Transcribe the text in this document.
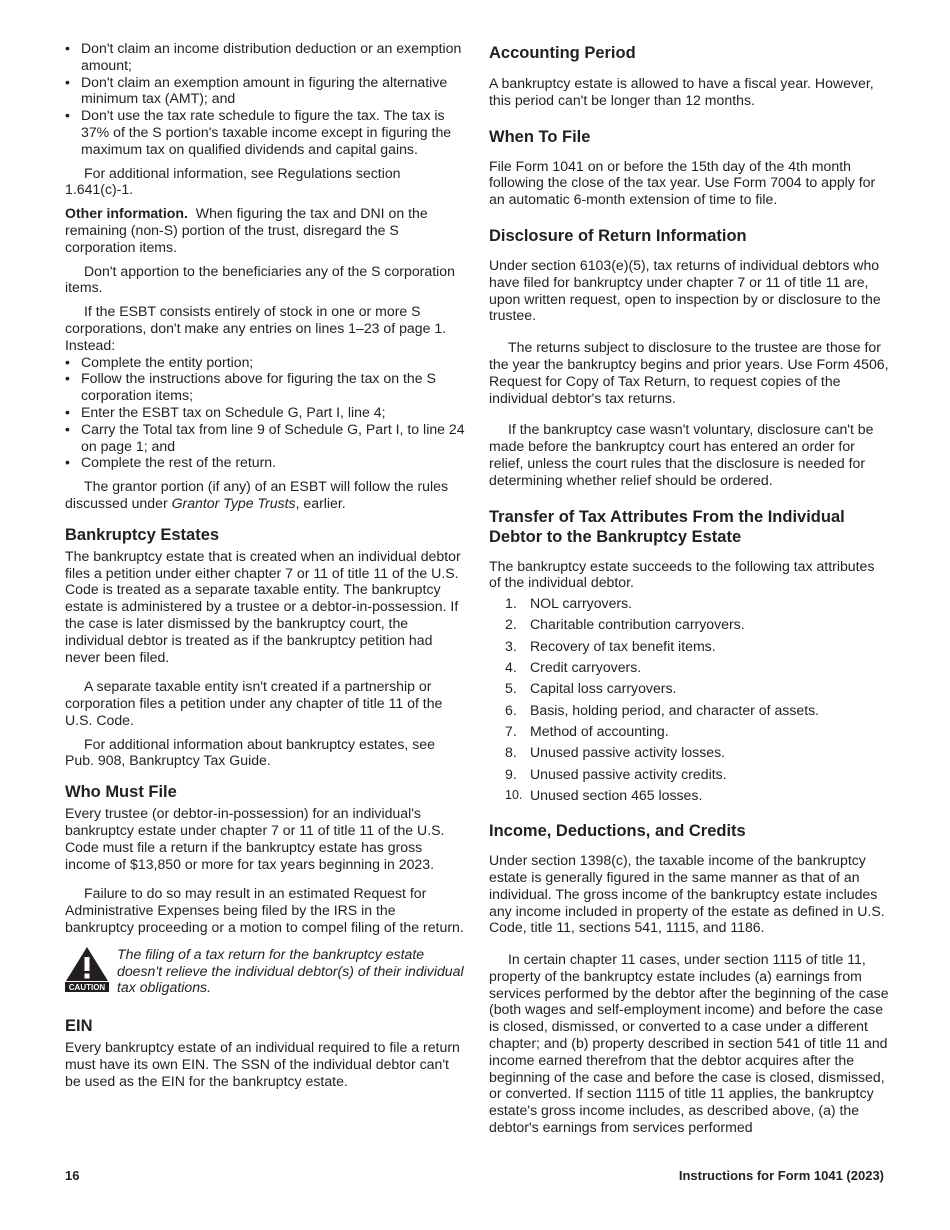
• Don't claim an income distribution deduction or an exemption amount;

• Don't claim an exemption amount in figuring the alternative minimum tax (AMT); and

• Don't use the tax rate schedule to figure the tax. The tax is 37% of the S portion's taxable income except in figuring the maximum tax on qualified dividends and capital gains.

For additional information, see Regulations section 1.641(c)-1.

Other information. When figuring the tax and DNI on the remaining (non-S) portion of the trust, disregard the S corporation items.

Don't apportion to the beneficiaries any of the S corporation items.

If the ESBT consists entirely of stock in one or more S corporations, don't make any entries on lines 1–23 of page 1. Instead:

• Complete the entity portion;

• Follow the instructions above for figuring the tax on the S corporation items;

• Enter the ESBT tax on Schedule G, Part I, line 4;

• Carry the Total tax from line 9 of Schedule G, Part I, to line 24 on page 1; and

• Complete the rest of the return.

The grantor portion (if any) of an ESBT will follow the rules discussed under Grantor Type Trusts, earlier.

Bankruptcy Estates

The bankruptcy estate that is created when an individual debtor files a petition under either chapter 7 or 11 of title 11 of the U.S. Code is treated as a separate taxable entity. The bankruptcy estate is administered by a trustee or a debtor-in-possession. If the case is later dismissed by the bankruptcy court, the individual debtor is treated as if the bankruptcy petition had never been filed.

A separate taxable entity isn't created if a partnership or corporation files a petition under any chapter of title 11 of the U.S. Code.

For additional information about bankruptcy estates, see Pub. 908, Bankruptcy Tax Guide.

Who Must File

Every trustee (or debtor-in-possession) for an individual's bankruptcy estate under chapter 7 or 11 of title 11 of the U.S. Code must file a return if the bankruptcy estate has gross income of $13,850 or more for tax years beginning in 2023.

Failure to do so may result in an estimated Request for Administrative Expenses being filed by the IRS in the bankruptcy proceeding or a motion to compel filing of the return.

CAUTION

The filing of a tax return for the bankruptcy estate doesn't relieve the individual debtor(s) of their individual tax obligations.

EIN

Every bankruptcy estate of an individual required to file a return must have its own EIN. The SSN of the individual debtor can't be used as the EIN for the bankruptcy estate.

Accounting Period

A bankruptcy estate is allowed to have a fiscal year. However, this period can't be longer than 12 months.

When To File

File Form 1041 on or before the 15th day of the 4th month following the close of the tax year. Use Form 7004 to apply for an automatic 6-month extension of time to file.

Disclosure of Return Information

Under section 6103(e)(5), tax returns of individual debtors who have filed for bankruptcy under chapter 7 or 11 of title 11 are, upon written request, open to inspection by or disclosure to the trustee.

The returns subject to disclosure to the trustee are those for the year the bankruptcy begins and prior years. Use Form 4506, Request for Copy of Tax Return, to request copies of the individual debtor's tax returns.

If the bankruptcy case wasn't voluntary, disclosure can't be made before the bankruptcy court has entered an order for relief, unless the court rules that the disclosure is needed for determining whether relief should be ordered.

Transfer of Tax Attributes From the Individual Debtor to the Bankruptcy Estate

The bankruptcy estate succeeds to the following tax attributes of the individual debtor.

1. NOL carryovers.
2. Charitable contribution carryovers.
3. Recovery of tax benefit items.
4. Credit carryovers.
5. Capital loss carryovers.
6. Basis, holding period, and character of assets.
7. Method of accounting.
8. Unused passive activity losses.
9. Unused passive activity credits.
10. Unused section 465 losses.
Income, Deductions, and Credits

Under section 1398(c), the taxable income of the bankruptcy estate is generally figured in the same manner as that of an individual. The gross income of the bankruptcy estate includes any income included in property of the estate as defined in U.S. Code, title 11, sections 541, 1115, and 1186.

In certain chapter 11 cases, under section 1115 of title 11, property of the bankruptcy estate includes (a) earnings from services performed by the debtor after the beginning of the case (both wages and self-employment income) and before the case is closed, dismissed, or converted to a case under a different chapter; and (b) property described in section 541 of title 11 and income earned therefrom that the debtor acquires after the beginning of the case and before the case is closed, dismissed, or converted. If section 1115 of title 11 applies, the bankruptcy estate's gross income includes, as described above, (a) the debtor's earnings from services performed

16	Instructions for Form 1041 (2023)
